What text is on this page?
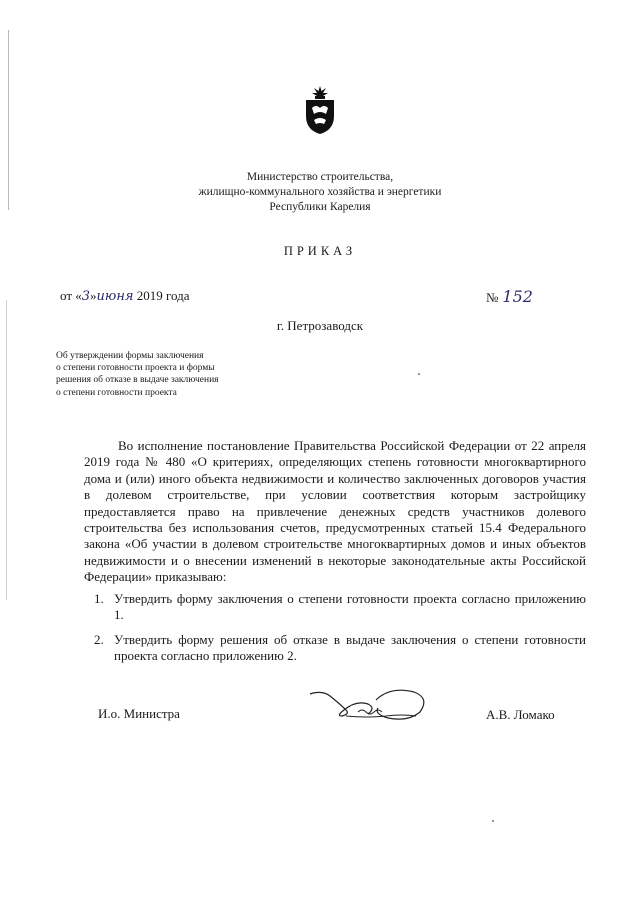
Министерство строительства,
жилищно-коммунального хозяйства и энергетики
Республики Карелия
ПРИКАЗ
от «3»июня 2019 года	№ 152
г. Петрозаводск
Об утверждении формы заключения
о степени готовности проекта и формы
решения об отказе в выдаче заключения
о степени готовности проекта

Во исполнение постановление Правительства Российской Федерации от 22 апреля 2019 года № 480 «О критериях, определяющих степень готовности многоквартирного дома и (или) иного объекта недвижимости и количество заключенных договоров участия в долевом строительстве, при условии соответствия которым застройщику предоставляется право на привлечение денежных средств участников долевого строительства без использования счетов, предусмотренных статьей 15.4 Федерального закона «Об участии в долевом строительстве многоквартирных домов и иных объектов недвижимости и о внесении изменений в некоторые законодательные акты Российской Федерации» приказываю:

1. Утвердить форму заключения о степени готовности проекта согласно приложению 1.
2. Утвердить форму решения об отказе в выдаче заключения о степени готовности проекта согласно приложению 2.
И.о. Министра	А.В. Ломако
